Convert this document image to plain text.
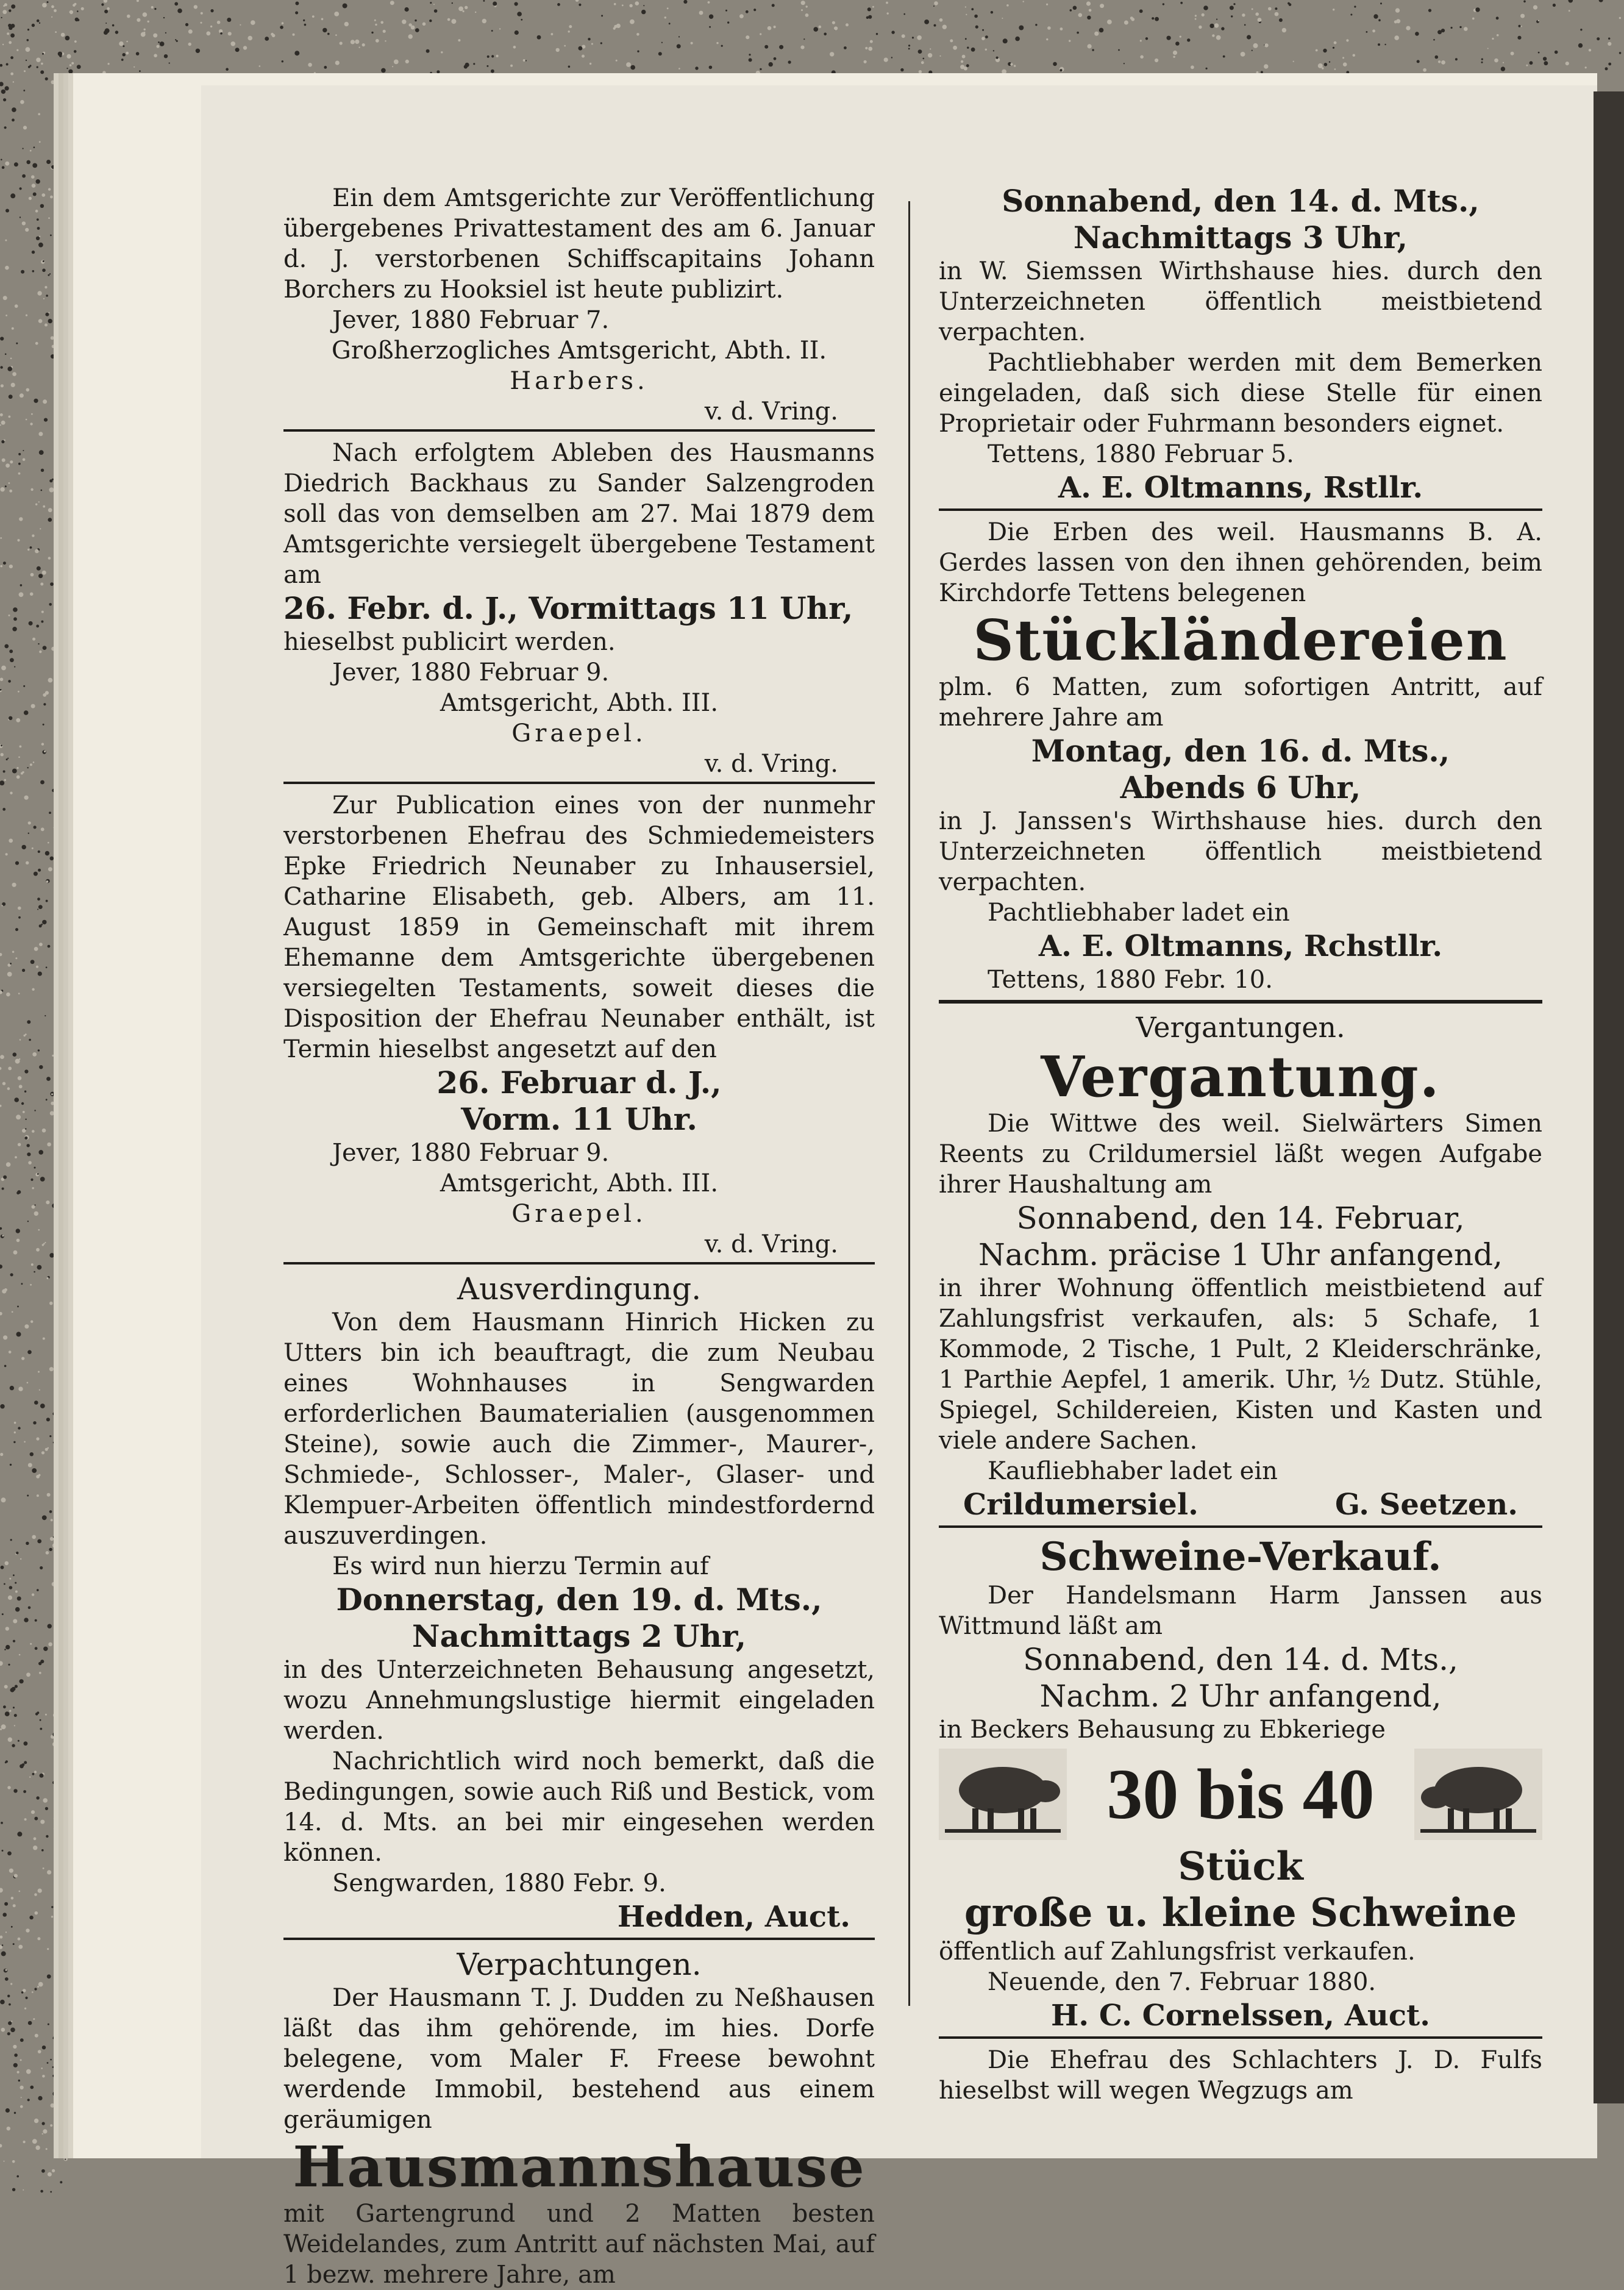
Ein dem Amtsgerichte zur Veröffentlichung übergebenes Privattestament des am 6. Januar d. J. verstorbenen Schiffscapitains Johann Borchers zu Hooksiel ist heute publizirt.

Jever, 1880 Februar 7.

Großherzogliches Amtsgericht, Abth. II.

Harbers.

v. d. Vring.

Nach erfolgtem Ableben des Hausmanns Diedrich Backhaus zu Sander Salzengroden soll das von demselben am 27. Mai 1879 dem Amtsgerichte versiegelt übergebene Testament am

26. Febr. d. J., Vormittags 11 Uhr,

hieselbst publicirt werden.

Jever, 1880 Februar 9.

Amtsgericht, Abth. III.

Graepel.

v. d. Vring.

Zur Publication eines von der nunmehr verstorbenen Ehefrau des Schmiedemeisters Epke Friedrich Neunaber zu Inhausersiel, Catharine Elisabeth, geb. Albers, am 11. August 1859 in Gemeinschaft mit ihrem Ehemanne dem Amtsgerichte übergebenen versiegelten Testaments, soweit dieses die Disposition der Ehefrau Neunaber enthält, ist Termin hieselbst angesetzt auf den

26. Februar d. J.,

Vorm. 11 Uhr.

Jever, 1880 Februar 9.

Amtsgericht, Abth. III.

Graepel.

v. d. Vring.

Ausverdingung.

Von dem Hausmann Hinrich Hicken zu Utters bin ich beauftragt, die zum Neubau eines Wohnhauses in Sengwarden erforderlichen Baumaterialien (ausgenommen Steine), sowie auch die Zimmer-, Maurer-, Schmiede-, Schlosser-, Maler-, Glaser- und Klempuer-Arbeiten öffentlich mindestfordernd auszuverdingen.

Es wird nun hierzu Termin auf

Donnerstag, den 19. d. Mts.,

Nachmittags 2 Uhr,

in des Unterzeichneten Behausung angesetzt, wozu Annehmungslustige hiermit eingeladen werden.

Nachrichtlich wird noch bemerkt, daß die Bedingungen, sowie auch Riß und Bestick, vom 14. d. Mts. an bei mir eingesehen werden können.

Sengwarden, 1880 Febr. 9.

Hedden, Auct.

Verpachtungen.

Der Hausmann T. J. Dudden zu Neßhausen läßt das ihm gehörende, im hies. Dorfe belegene, vom Maler F. Freese bewohnt werdende Immobil, bestehend aus einem geräumigen

Hausmannshause

mit Gartengrund und 2 Matten besten Weidelandes, zum Antritt auf nächsten Mai, auf 1 bezw. mehrere Jahre, am

Sonnabend, den 14. d. Mts.,

Nachmittags 3 Uhr,

in W. Siemssen Wirthshause hies. durch den Unterzeichneten öffentlich meistbietend verpachten.

Pachtliebhaber werden mit dem Bemerken eingeladen, daß sich diese Stelle für einen Proprietair oder Fuhrmann besonders eignet.

Tettens, 1880 Februar 5.

A. E. Oltmanns, Rstllr.

Die Erben des weil. Hausmanns B. A. Gerdes lassen von den ihnen gehörenden, beim Kirchdorfe Tettens belegenen

Stückländereien

plm. 6 Matten, zum sofortigen Antritt, auf mehrere Jahre am

Montag, den 16. d. Mts.,

Abends 6 Uhr,

in J. Janssen's Wirthshause hies. durch den Unterzeichneten öffentlich meistbietend verpachten.

Pachtliebhaber ladet ein

A. E. Oltmanns, Rchstllr.

Tettens, 1880 Febr. 10.

Vergantungen.

Vergantung.

Die Wittwe des weil. Sielwärters Simen Reents zu Crildumersiel läßt wegen Aufgabe ihrer Haushaltung am

Sonnabend, den 14. Februar,

Nachm. präcise 1 Uhr anfangend,

in ihrer Wohnung öffentlich meistbietend auf Zahlungsfrist verkaufen, als: 5 Schafe, 1 Kommode, 2 Tische, 1 Pult, 2 Kleiderschränke, 1 Parthie Aepfel, 1 amerik. Uhr, ½ Dutz. Stühle, Spiegel, Schildereien, Kisten und Kasten und viele andere Sachen.

Kaufliebhaber ladet ein

Crildumersiel.	G. Seetzen.

Schweine-Verkauf.

Der Handelsmann Harm Janssen aus Wittmund läßt am

Sonnabend, den 14. d. Mts.,

Nachm. 2 Uhr anfangend,

in Beckers Behausung zu Ebkeriege

30 bis 40

Stück

große u. kleine Schweine

öffentlich auf Zahlungsfrist verkaufen.

Neuende, den 7. Februar 1880.

H. C. Cornelssen, Auct.

Die Ehefrau des Schlachters J. D. Fulfs hieselbst will wegen Wegzugs am
